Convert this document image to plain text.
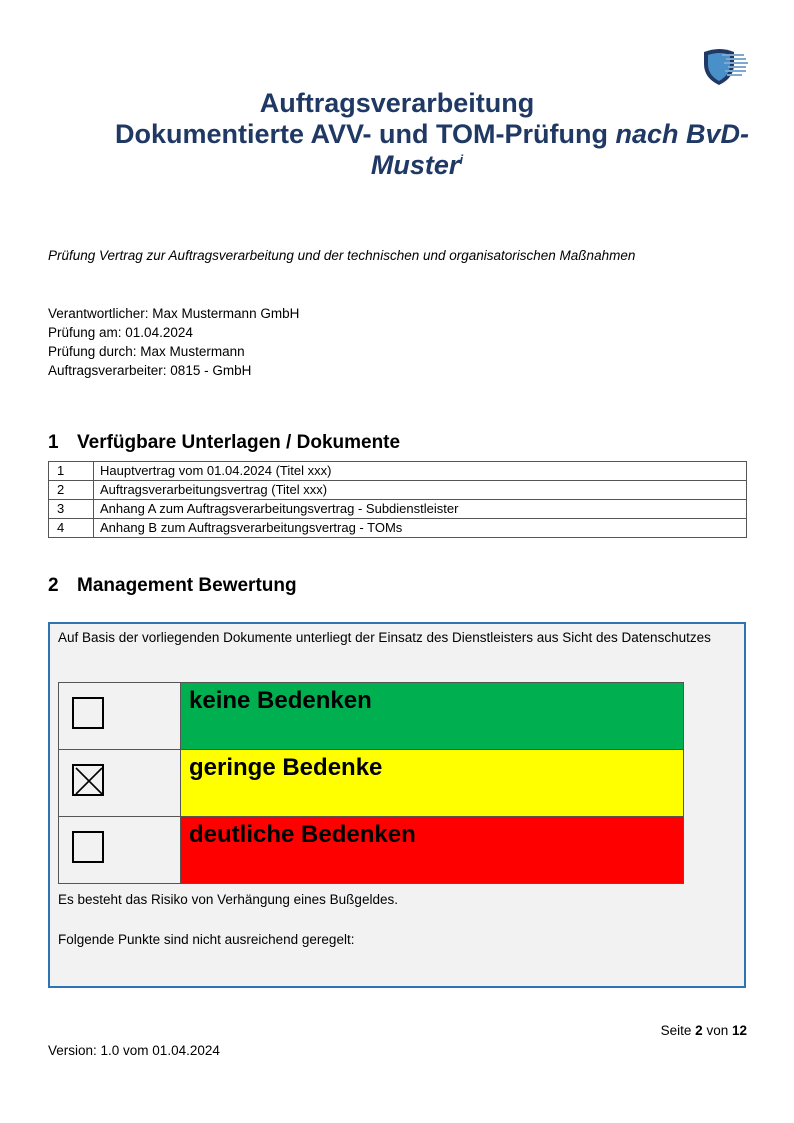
Auftragsverarbeitung
Dokumentierte AVV- und TOM-Prüfung nach BvD-
Muster$^i$
Prüfung Vertrag zur Auftragsverarbeitung und der technischen und organisatorischen Maßnahmen
Verantwortlicher: Max Mustermann GmbH
Prüfung am: 01.04.2024
Prüfung durch: Max Mustermann
Auftragsverarbeiter: 0815 - GmbH
1 Verfügbare Unterlagen / Dokumente
1	Hauptvertrag vom 01.04.2024 (Titel xxx)
2	Auftragsverarbeitungsvertrag (Titel xxx)
3	Anhang A zum Auftragsverarbeitungsvertrag - Subdienstleister
4	Anhang B zum Auftragsverarbeitungsvertrag - TOMs
2 Management Bewertung
Auf Basis der vorliegenden Dokumente unterliegt der Einsatz des Dienstleisters aus Sicht des Datenschutzes
	keine Bedenken

	geringe Bedenke

	deutliche Bedenken
Es besteht das Risiko von Verhängung eines Bußgeldes.
Folgende Punkte sind nicht ausreichend geregelt:
Seite 2 von 12
Version: 1.0 vom 01.04.2024
